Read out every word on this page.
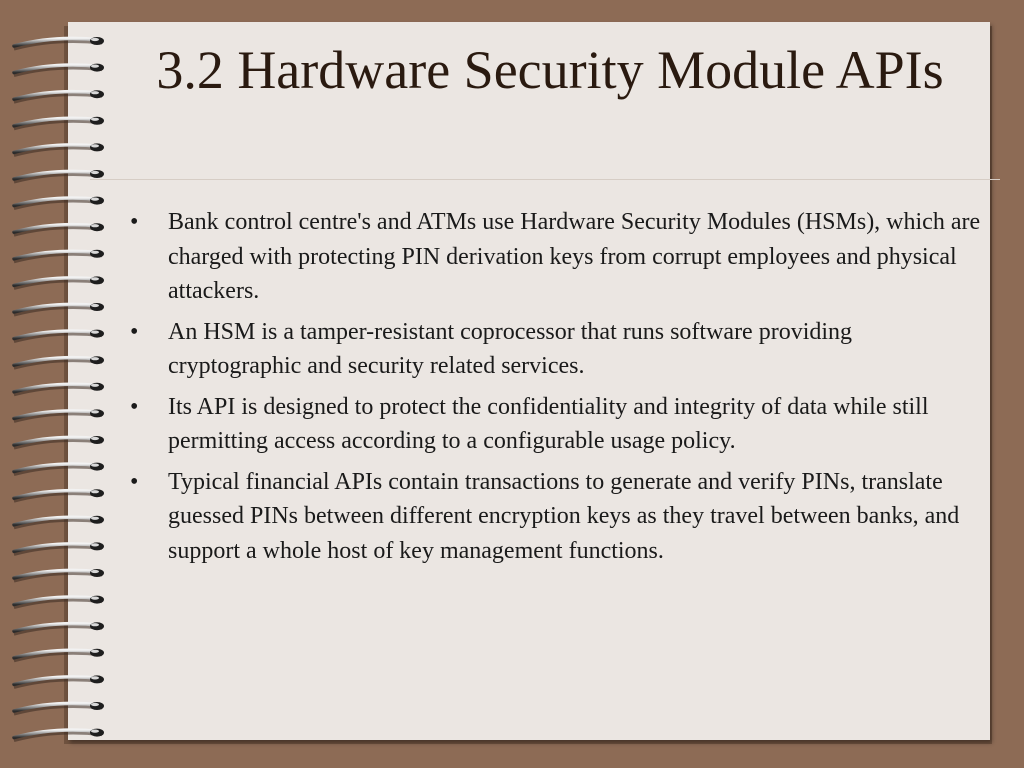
3.2 Hardware Security Module APIs
• Bank control centre's and ATMs use Hardware Security Modules (HSMs), which are charged with protecting PIN derivation keys from corrupt employees and physical attackers.
• An HSM is a tamper-resistant coprocessor that runs software providing cryptographic and security related services.
• Its API is designed to protect the confidentiality and integrity of data while still permitting access according to a configurable usage policy.
• Typical financial APIs contain transactions to generate and verify PINs, translate guessed PINs between different encryption keys as they travel between banks, and support a whole host of key management functions.
